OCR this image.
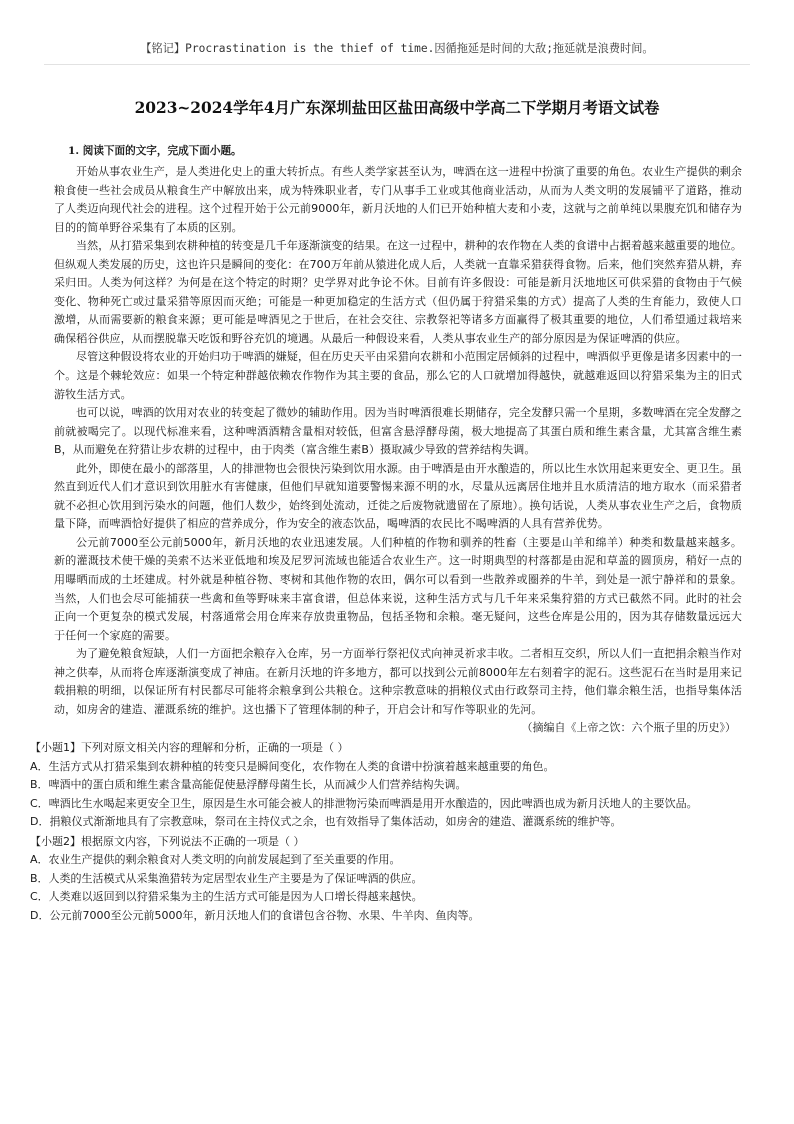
【铭记】Procrastination is the thief of time.因循拖延是时间的大敌;拖延就是浪费时间。
2023~2024学年4月广东深圳盐田区盐田高级中学高二下学期月考语文试卷
1. 阅读下面的文字，完成下面小题。

开始从事农业生产，是人类进化史上的重大转折点。有些人类学家甚至认为，啤酒在这一进程中扮演了重要的角色。农业生产提供的剩余粮食使一些社会成员从粮食生产中解放出来，成为特殊职业者，专门从事手工业或其他商业活动，从而为人类文明的发展铺平了道路，推动了人类迈向现代社会的进程。这个过程开始于公元前9000年，新月沃地的人们已开始种植大麦和小麦，这就与之前单纯以果腹充饥和储存为目的的简单野谷采集有了本质的区别。

当然，从打猎采集到农耕种植的转变是几千年逐渐演变的结果。在这一过程中，耕种的农作物在人类的食谱中占据着越来越重要的地位。但纵观人类发展的历史，这也许只是瞬间的变化：在700万年前从猿进化成人后，人类就一直靠采猎获得食物。后来，他们突然弃猎从耕，弃采归田。人类为何这样？为何是在这个特定的时期？史学界对此争论不休。目前有许多假设：可能是新月沃地地区可供采猎的食物由于气候变化、物种死亡或过量采猎等原因而灭绝；可能是一种更加稳定的生活方式（但仍属于狩猎采集的方式）提高了人类的生育能力，致使人口激增，从而需要新的粮食来源；更可能是啤酒见之于世后，在社会交往、宗教祭祀等诸多方面赢得了极其重要的地位，人们希望通过栽培来确保稻谷供应，从而摆脱靠天吃饭和野谷充饥的境遇。从最后一种假设来看，人类从事农业生产的部分原因是为保证啤酒的供应。

尽管这种假设将农业的开始归功于啤酒的嫌疑，但在历史天平由采猎向农耕和小范围定居倾斜的过程中，啤酒似乎更像是诸多因素中的一个。这是个棘轮效应：如果一个特定种群越依赖农作物作为其主要的食品，那么它的人口就增加得越快，就越难返回以狩猎采集为主的旧式游牧生活方式。

也可以说，啤酒的饮用对农业的转变起了微妙的辅助作用。因为当时啤酒很难长期储存，完全发酵只需一个星期，多数啤酒在完全发酵之前就被喝完了。以现代标准来看，这种啤酒酒精含量相对较低，但富含悬浮酵母菌，极大地提高了其蛋白质和维生素含量，尤其富含维生素B，从而避免在狩猎让步农耕的过程中，由于肉类（富含维生素B）摄取减少导致的营养结构失调。

此外，即使在最小的部落里，人的排泄物也会很快污染到饮用水源。由于啤酒是由开水酿造的，所以比生水饮用起来更安全、更卫生。虽然直到近代人们才意识到饮用脏水有害健康，但他们早就知道要警惕来源不明的水，尽量从远离居住地并且水质清洁的地方取水（而采猎者就不必担心饮用到污染水的问题，他们人数少，始终到处流动，迁徙之后废物就遗留在了原地）。换句话说，人类从事农业生产之后，食物质量下降，而啤酒恰好提供了相应的营养成分，作为安全的液态饮品，喝啤酒的农民比不喝啤酒的人具有营养优势。

公元前7000至公元前5000年，新月沃地的农业迅速发展。人们种植的作物和驯养的牲畜（主要是山羊和绵羊）种类和数量越来越多。新的灌溉技术使干燥的美索不达米亚低地和埃及尼罗河流域也能适合农业生产。这一时期典型的村落都是由泥和草盖的圆顶房，稍好一点的用曝晒而成的土坯建成。村外就是种植谷物、枣树和其他作物的农田，偶尔可以看到一些散养或圈养的牛羊，到处是一派宁静祥和的景象。当然，人们也会尽可能捕获一些禽和鱼等野味来丰富食谱，但总体来说，这种生活方式与几千年来采集狩猎的方式已截然不同。此时的社会正向一个更复杂的模式发展，村落通常会用仓库来存放贵重物品，包括圣物和余粮。毫无疑问，这些仓库是公用的，因为其存储数量远远大于任何一个家庭的需要。

为了避免粮食短缺，人们一方面把余粮存入仓库，另一方面举行祭祀仪式向神灵祈求丰收。二者相互交织，所以人们一直把捐余粮当作对神之供奉，从而将仓库逐渐演变成了神庙。在新月沃地的许多地方，都可以找到公元前8000年左右刻着字的泥石。这些泥石在当时是用来记载捐粮的明细，以保证所有村民都尽可能将余粮拿到公共粮仓。这种宗教意味的捐粮仪式由行政祭司主持，他们靠余粮生活，也指导集体活动，如房舍的建造、灌溉系统的维护。这也播下了管理体制的种子，开启会计和写作等职业的先河。

（摘编自《上帝之饮：六个瓶子里的历史》）

【小题1】下列对原文相关内容的理解和分析，正确的一项是（ ）

A．生活方式从打猎采集到农耕种植的转变只是瞬间变化，农作物在人类的食谱中扮演着越来越重要的角色。

B．啤酒中的蛋白质和维生素含量高能促使悬浮酵母菌生长，从而减少人们营养结构失调。

C．啤酒比生水喝起来更安全卫生，原因是生水可能会被人的排泄物污染而啤酒是用开水酿造的，因此啤酒也成为新月沃地人的主要饮品。

D．捐粮仪式渐渐地具有了宗教意味，祭司在主持仪式之余，也有效指导了集体活动，如房舍的建造、灌溉系统的维护等。

【小题2】根据原文内容，下列说法不正确的一项是（ ）

A．农业生产提供的剩余粮食对人类文明的向前发展起到了至关重要的作用。

B．人类的生活模式从采集渔猎转为定居型农业生产主要是为了保证啤酒的供应。

C．人类难以返回到以狩猎采集为主的生活方式可能是因为人口增长得越来越快。

D．公元前7000至公元前5000年，新月沃地人们的食谱包含谷物、水果、牛羊肉、鱼肉等。
